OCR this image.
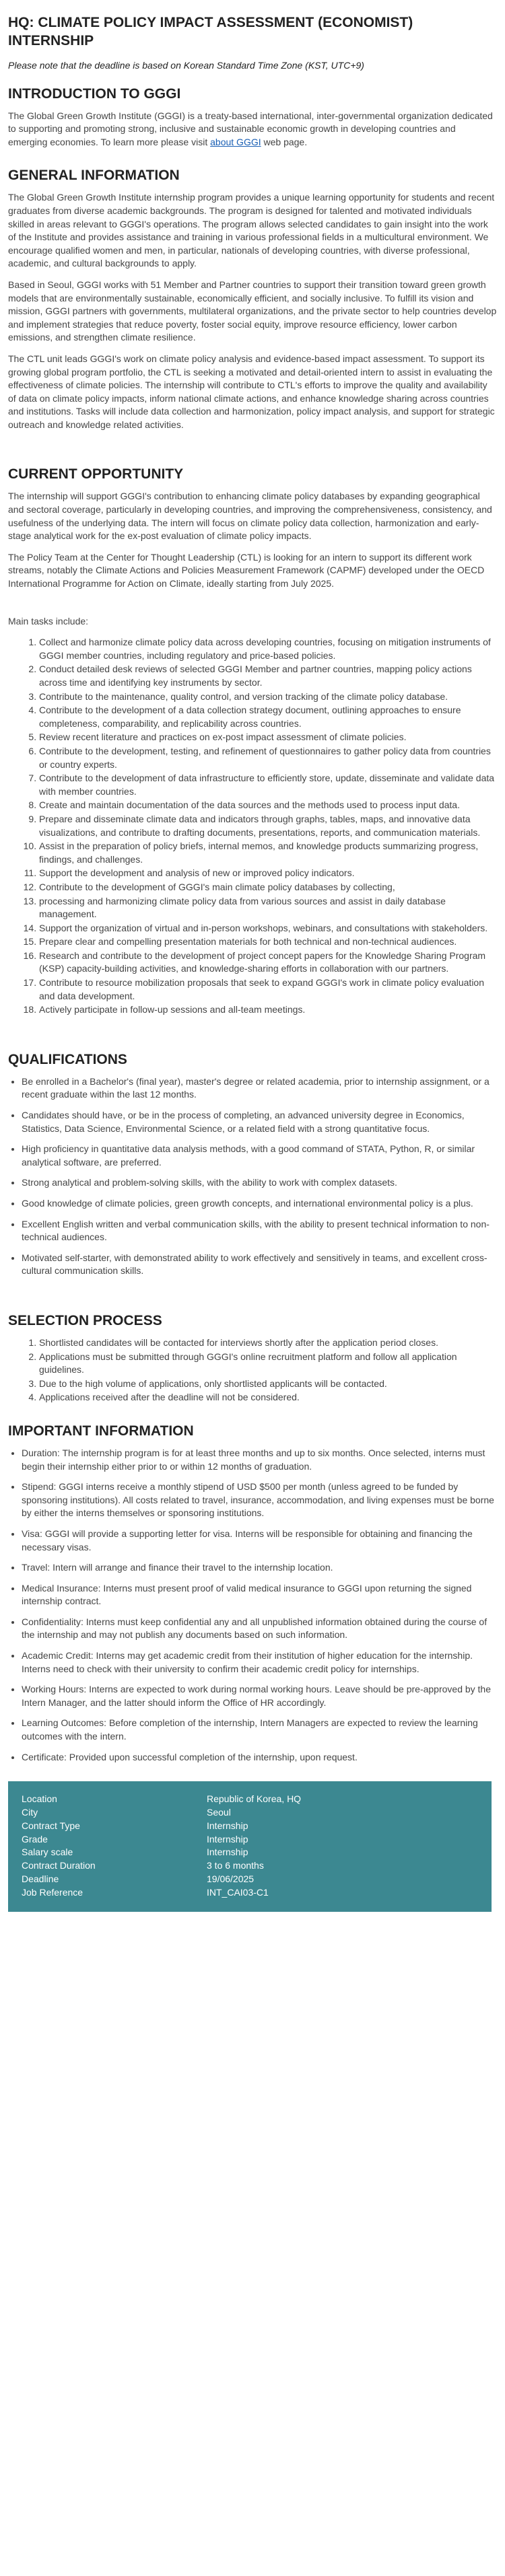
HQ: CLIMATE POLICY IMPACT ASSESSMENT (ECONOMIST) INTERNSHIP

Please note that the deadline is based on Korean Standard Time Zone (KST, UTC+9)

INTRODUCTION TO GGGI

The Global Green Growth Institute (GGGI) is a treaty-based international, inter-governmental organization dedicated to supporting and promoting strong, inclusive and sustainable economic growth in developing countries and emerging economies. To learn more please visit about GGGI web page.

GENERAL INFORMATION

The Global Green Growth Institute internship program provides a unique learning opportunity for students and recent graduates from diverse academic backgrounds. The program is designed for talented and motivated individuals skilled in areas relevant to GGGI's operations. The program allows selected candidates to gain insight into the work of the Institute and provides assistance and training in various professional fields in a multicultural environment. We encourage qualified women and men, in particular, nationals of developing countries, with diverse professional, academic, and cultural backgrounds to apply.

Based in Seoul, GGGI works with 51 Member and Partner countries to support their transition toward green growth models that are environmentally sustainable, economically efficient, and socially inclusive. To fulfill its vision and mission, GGGI partners with governments, multilateral organizations, and the private sector to help countries develop and implement strategies that reduce poverty, foster social equity, improve resource efficiency, lower carbon emissions, and strengthen climate resilience.

The CTL unit leads GGGI's work on climate policy analysis and evidence-based impact assessment. To support its growing global program portfolio, the CTL is seeking a motivated and detail-oriented intern to assist in evaluating the effectiveness of climate policies. The internship will contribute to CTL's efforts to improve the quality and availability of data on climate policy impacts, inform national climate actions, and enhance knowledge sharing across countries and institutions. Tasks will include data collection and harmonization, policy impact analysis, and support for strategic outreach and knowledge related activities.

CURRENT OPPORTUNITY

The internship will support GGGI's contribution to enhancing climate policy databases by expanding geographical and sectoral coverage, particularly in developing countries, and improving the comprehensiveness, consistency, and usefulness of the underlying data. The intern will focus on climate policy data collection, harmonization and early-stage analytical work for the ex-post evaluation of climate policy impacts.

The Policy Team at the Center for Thought Leadership (CTL) is looking for an intern to support its different work streams, notably the Climate Actions and Policies Measurement Framework (CAPMF) developed under the OECD International Programme for Action on Climate, ideally starting from July 2025.

Main tasks include:

1. Collect and harmonize climate policy data across developing countries, focusing on mitigation instruments of GGGI member countries, including regulatory and price-based policies.
2. Conduct detailed desk reviews of selected GGGI Member and partner countries, mapping policy actions across time and identifying key instruments by sector.
3. Contribute to the maintenance, quality control, and version tracking of the climate policy database.
4. Contribute to the development of a data collection strategy document, outlining approaches to ensure completeness, comparability, and replicability across countries.
5. Review recent literature and practices on ex-post impact assessment of climate policies.
6. Contribute to the development, testing, and refinement of questionnaires to gather policy data from countries or country experts.
7. Contribute to the development of data infrastructure to efficiently store, update, disseminate and validate data with member countries.
8. Create and maintain documentation of the data sources and the methods used to process input data.
9. Prepare and disseminate climate data and indicators through graphs, tables, maps, and innovative data visualizations, and contribute to drafting documents, presentations, reports, and communication materials.
10. Assist in the preparation of policy briefs, internal memos, and knowledge products summarizing progress, findings, and challenges.
11. Support the development and analysis of new or improved policy indicators.
12. Contribute to the development of GGGI's main climate policy databases by collecting,
13. processing and harmonizing climate policy data from various sources and assist in daily database management.
14. Support the organization of virtual and in-person workshops, webinars, and consultations with stakeholders.
15. Prepare clear and compelling presentation materials for both technical and non-technical audiences.
16. Research and contribute to the development of project concept papers for the Knowledge Sharing Program (KSP) capacity-building activities, and knowledge-sharing efforts in collaboration with our partners.
17. Contribute to resource mobilization proposals that seek to expand GGGI's work in climate policy evaluation and data development.
18. Actively participate in follow-up sessions and all-team meetings.
QUALIFICATIONS
• Be enrolled in a Bachelor's (final year), master's degree or related academia, prior to internship assignment, or a recent graduate within the last 12 months.
• Candidates should have, or be in the process of completing, an advanced university degree in Economics, Statistics, Data Science, Environmental Science, or a related field with a strong quantitative focus.
• High proficiency in quantitative data analysis methods, with a good command of STATA, Python, R, or similar analytical software, are preferred.
• Strong analytical and problem-solving skills, with the ability to work with complex datasets.
• Good knowledge of climate policies, green growth concepts, and international environmental policy is a plus.
• Excellent English written and verbal communication skills, with the ability to present technical information to non-technical audiences.
• Motivated self-starter, with demonstrated ability to work effectively and sensitively in teams, and excellent cross-cultural communication skills.
SELECTION PROCESS
1. Shortlisted candidates will be contacted for interviews shortly after the application period closes.
2. Applications must be submitted through GGGI's online recruitment platform and follow all application guidelines.
3. Due to the high volume of applications, only shortlisted applicants will be contacted.
4. Applications received after the deadline will not be considered.
IMPORTANT INFORMATION
• Duration: The internship program is for at least three months and up to six months. Once selected, interns must begin their internship either prior to or within 12 months of graduation.
• Stipend: GGGI interns receive a monthly stipend of USD $500 per month (unless agreed to be funded by sponsoring institutions). All costs related to travel, insurance, accommodation, and living expenses must be borne by either the interns themselves or sponsoring institutions.
• Visa: GGGI will provide a supporting letter for visa. Interns will be responsible for obtaining and financing the necessary visas.
• Travel: Intern will arrange and finance their travel to the internship location.
• Medical Insurance: Interns must present proof of valid medical insurance to GGGI upon returning the signed internship contract.
• Confidentiality: Interns must keep confidential any and all unpublished information obtained during the course of the internship and may not publish any documents based on such information.
• Academic Credit: Interns may get academic credit from their institution of higher education for the internship. Interns need to check with their university to confirm their academic credit policy for internships.
• Working Hours: Interns are expected to work during normal working hours. Leave should be pre-approved by the Intern Manager, and the latter should inform the Office of HR accordingly.
• Learning Outcomes: Before completion of the internship, Intern Managers are expected to review the learning outcomes with the intern.
• Certificate: Provided upon successful completion of the internship, upon request.
Location	Republic of Korea, HQ
City	Seoul
Contract Type	Internship
Grade	Internship
Salary scale	Internship
Contract Duration	3 to 6 months
Deadline	19/06/2025
Job Reference	INT_CAI03-C1
